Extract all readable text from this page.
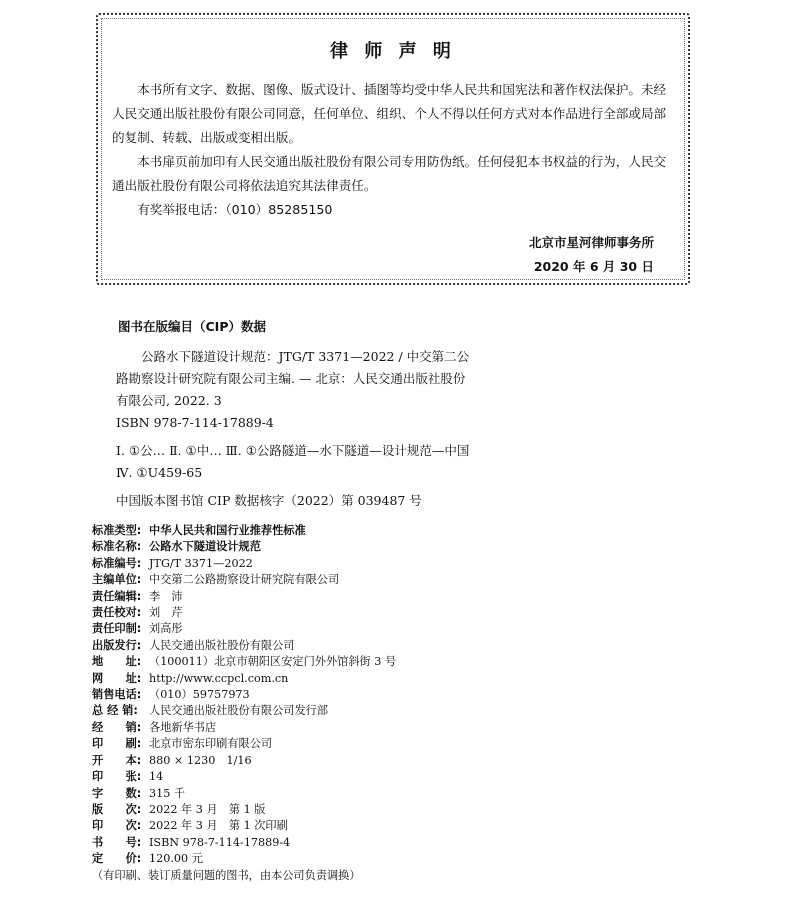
律 师 声 明

本书所有文字、数据、图像、版式设计、插图等均受中华人民共和国宪法和著作权法保护。未经人民交通出版社股份有限公司同意，任何单位、组织、个人不得以任何方式对本作品进行全部或局部的复制、转载、出版或变相出版。

本书扉页前加印有人民交通出版社股份有限公司专用防伪纸。任何侵犯本书权益的行为，人民交通出版社股份有限公司将依法追究其法律责任。

有奖举报电话：（010）85285150

北京市星河律师事务所
2020 年 6 月 30 日
图书在版编目（CIP）数据
公路水下隧道设计规范：JTG/T 3371—2022 / 中交第二公路勘察设计研究院有限公司主编. — 北京：人民交通出版社股份有限公司, 2022. 3
ISBN 978-7-114-17889-4
Ⅰ. ①公… Ⅱ. ①中… Ⅲ. ①公路隧道—水下隧道—设计规范—中国 Ⅳ. ①U459-65
中国版本图书馆 CIP 数据核字（2022）第 039487 号
标准类型: 中华人民共和国行业推荐性标准
标准名称: 公路水下隧道设计规范
标准编号: JTG/T 3371—2022
主编单位: 中交第二公路勘察设计研究院有限公司
责任编辑: 李　沛
责任校对: 刘　芹
责任印制: 刘高彤
出版发行: 人民交通出版社股份有限公司
地　　址: （100011）北京市朝阳区安定门外外馆斜街 3 号
网　　址: http://www.ccpcl.com.cn
销售电话: （010）59757973
总 经 销: 人民交通出版社股份有限公司发行部
经　　销: 各地新华书店
印　　刷: 北京市密东印刷有限公司
开　　本: 880 × 1230　1/16
印　　张: 14
字　　数: 315 千
版　　次: 2022 年 3 月　第 1 版
印　　次: 2022 年 3 月　第 1 次印刷
书　　号: ISBN 978-7-114-17889-4
定　　价: 120.00 元
（有印刷、装订质量问题的图书，由本公司负责调换）
